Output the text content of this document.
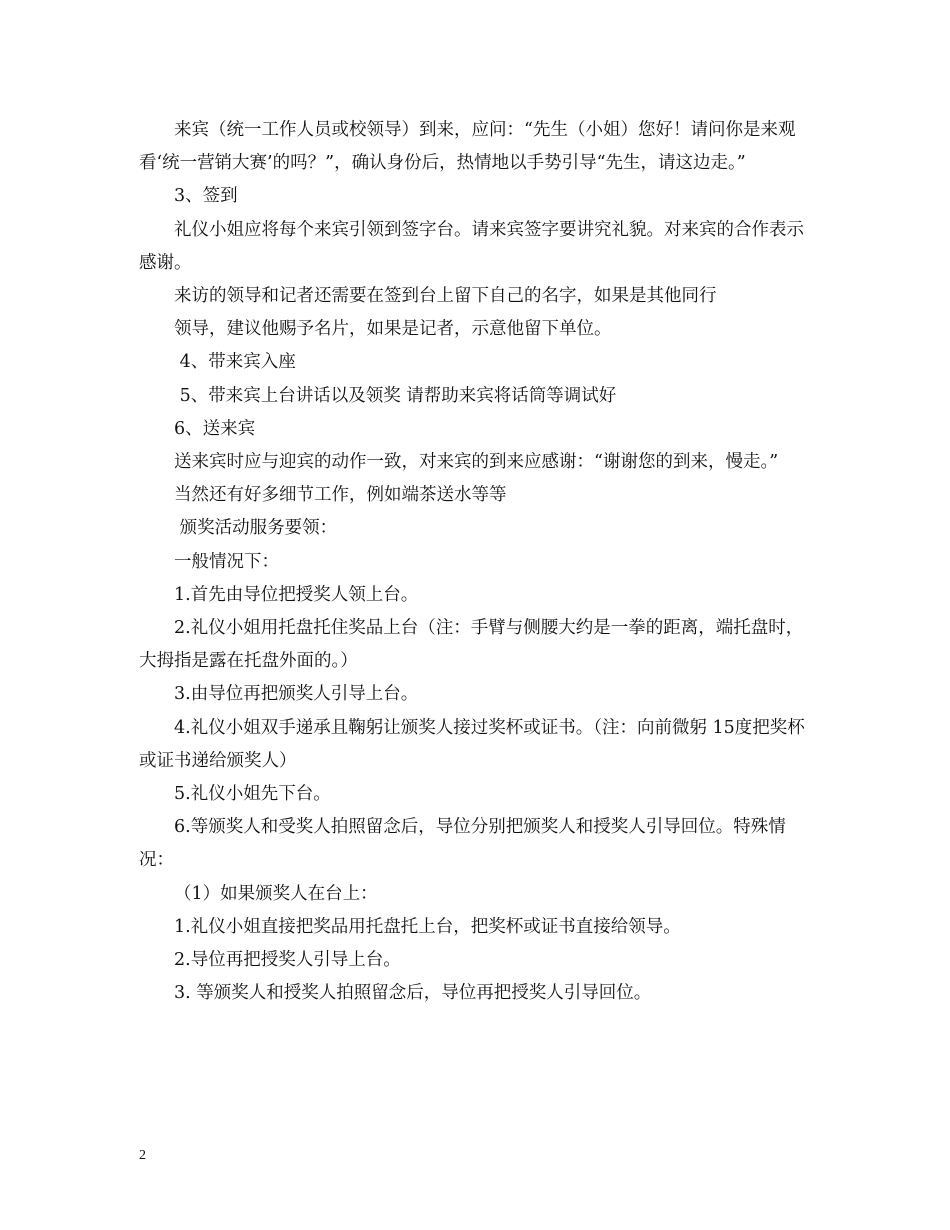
来宾（统一工作人员或校领导）到来，应问：“先生（小姐）您好！请问你是来观看‘统一营销大赛’的吗？”，确认身份后，热情地以手势引导“先生，请这边走。”

3、签到

礼仪小姐应将每个来宾引领到签字台。请来宾签字要讲究礼貌。对来宾的合作表示感谢。

来访的领导和记者还需要在签到台上留下自己的名字，如果是其他同行

领导，建议他赐予名片，如果是记者，示意他留下单位。

4、带来宾入座

5、带来宾上台讲话以及领奖 请帮助来宾将话筒等调试好

6、送来宾

送来宾时应与迎宾的动作一致，对来宾的到来应感谢：“谢谢您的到来，慢走。”

当然还有好多细节工作，例如端茶送水等等

颁奖活动服务要领：

一般情况下：

1.首先由导位把授奖人领上台。

2.礼仪小姐用托盘托住奖品上台（注：手臂与侧腰大约是一拳的距离，端托盘时，大拇指是露在托盘外面的。）

3.由导位再把颁奖人引导上台。

4.礼仪小姐双手递承且鞠躬让颁奖人接过奖杯或证书。（注：向前微躬 15度把奖杯或证书递给颁奖人）

5.礼仪小姐先下台。

6.等颁奖人和受奖人拍照留念后，导位分别把颁奖人和授奖人引导回位。特殊情况：

（1）如果颁奖人在台上：

1.礼仪小姐直接把奖品用托盘托上台，把奖杯或证书直接给领导。

2.导位再把授奖人引导上台。

3. 等颁奖人和授奖人拍照留念后，导位再把授奖人引导回位。

2
